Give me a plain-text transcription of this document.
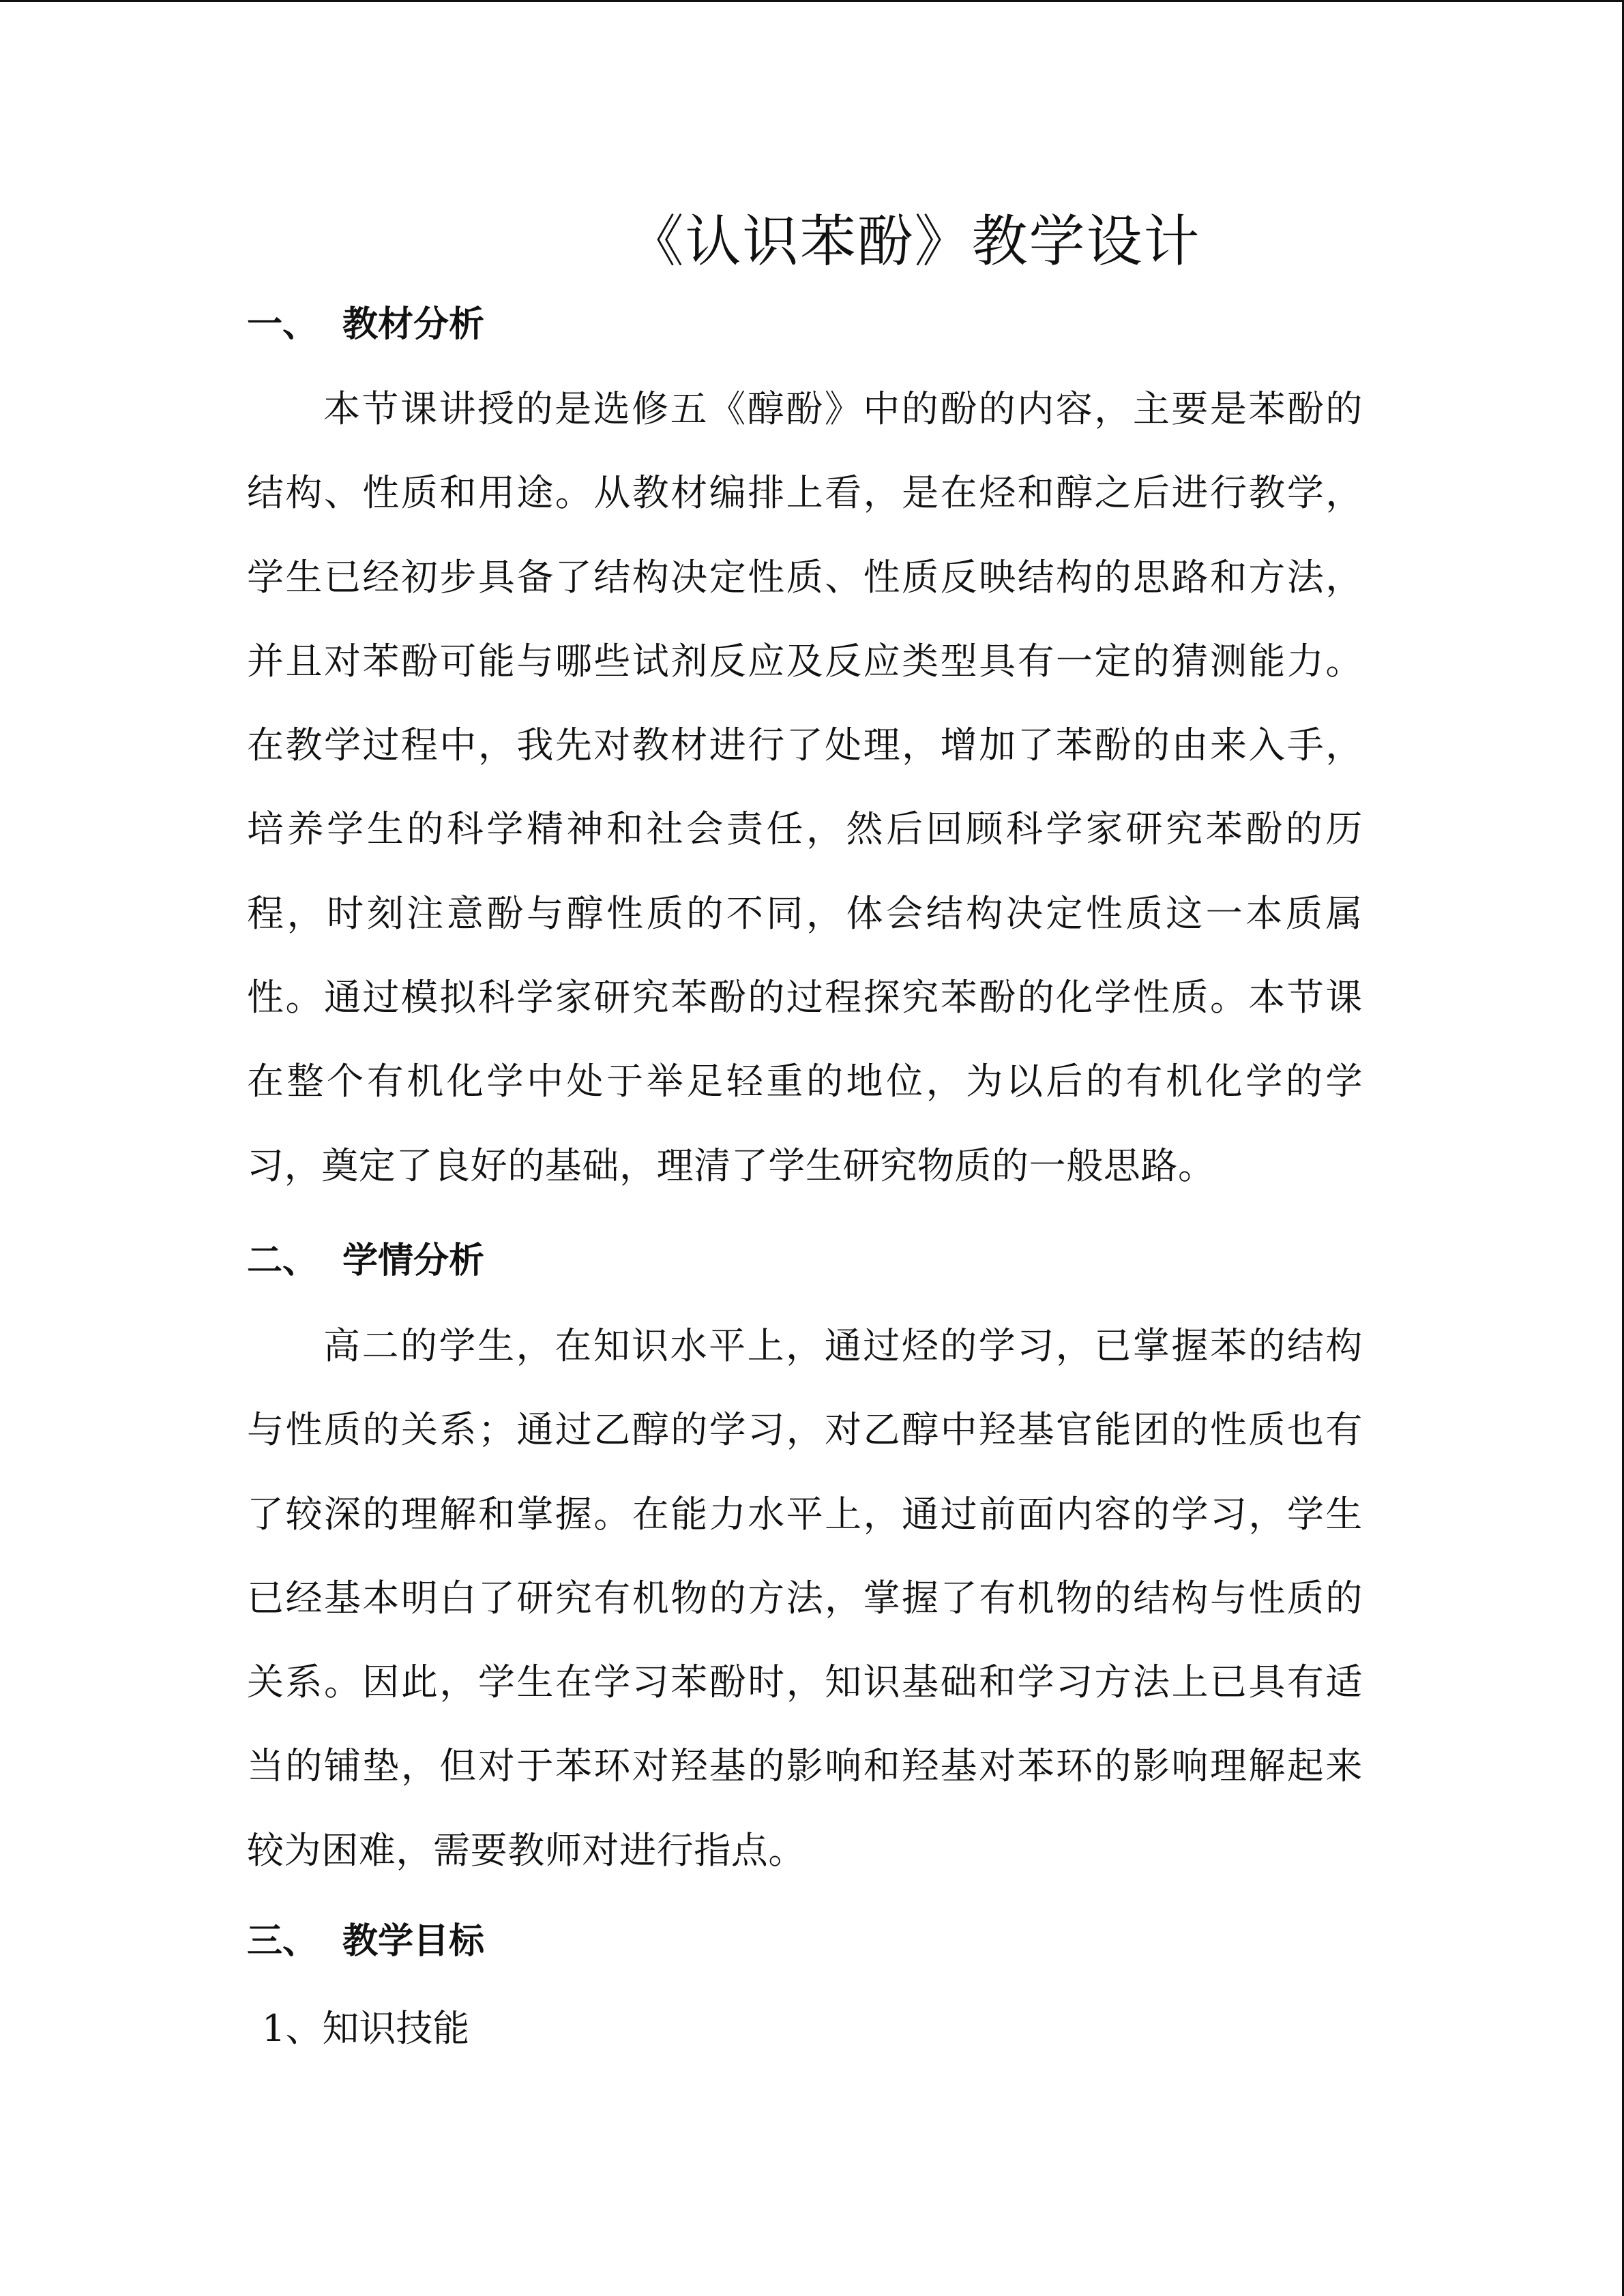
《认识苯酚》教学设计
一、 教材分析
本节课讲授的是选修五《醇酚》中的酚的内容，主要是苯酚的结构、性质和用途。从教材编排上看，是在烃和醇之后进行教学，学生已经初步具备了结构决定性质、性质反映结构的思路和方法，并且对苯酚可能与哪些试剂反应及反应类型具有一定的猜测能力。在教学过程中，我先对教材进行了处理，增加了苯酚的由来入手，培养学生的科学精神和社会责任，然后回顾科学家研究苯酚的历程，时刻注意酚与醇性质的不同，体会结构决定性质这一本质属性。通过模拟科学家研究苯酚的过程探究苯酚的化学性质。本节课在整个有机化学中处于举足轻重的地位，为以后的有机化学的学习，奠定了良好的基础，理清了学生研究物质的一般思路。
二、 学情分析
高二的学生，在知识水平上，通过烃的学习，已掌握苯的结构与性质的关系；通过乙醇的学习，对乙醇中羟基官能团的性质也有了较深的理解和掌握。在能力水平上，通过前面内容的学习，学生已经基本明白了研究有机物的方法，掌握了有机物的结构与性质的关系。因此，学生在学习苯酚时，知识基础和学习方法上已具有适当的铺垫，但对于苯环对羟基的影响和羟基对苯环的影响理解起来较为困难，需要教师对进行指点。
三、 教学目标
1、知识技能
